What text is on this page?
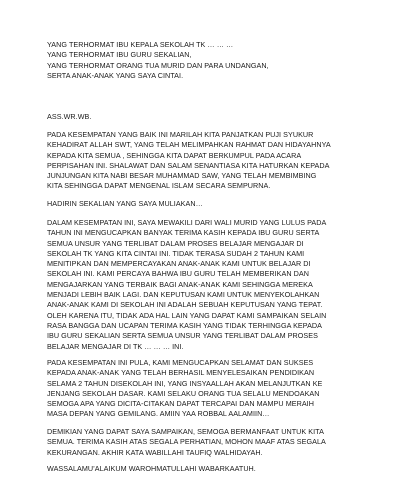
YANG TERHORMAT IBU KEPALA SEKOLAH TK … … …
YANG TERHORMAT IBU GURU SEKALIAN,
YANG TERHORMAT ORANG TUA MURID DAN PARA UNDANGAN,
SERTA ANAK-ANAK YANG SAYA CINTAI.
ASS.WR.WB.
PADA KESEMPATAN YANG BAIK INI MARILAH KITA PANJATKAN PUJI SYUKUR
KEHADIRAT ALLAH SWT, YANG TELAH MELIMPAHKAN RAHMAT DAN HIDAYAHNYA
KEPADA KITA SEMUA , SEHINGGA KITA DAPAT BERKUMPUL PADA ACARA
PERPISAHAN INI. SHALAWAT DAN SALAM SENANTIASA KITA HATURKAN KEPADA
JUNJUNGAN KITA NABI BESAR MUHAMMAD SAW, YANG TELAH MEMBIMBING
KITA SEHINGGA DAPAT MENGENAL ISLAM SECARA SEMPURNA.
HADIRIN SEKALIAN YANG SAYA MULIAKAN…
DALAM KESEMPATAN INI, SAYA MEWAKILI DARI WALI MURID YANG LULUS PADA
TAHUN INI MENGUCAPKAN BANYAK TERIMA KASIH KEPADA IBU GURU SERTA
SEMUA UNSUR YANG TERLIBAT DALAM PROSES BELAJAR MENGAJAR DI
SEKOLAH TK YANG KITA CINTAI INI. TIDAK TERASA SUDAH 2 TAHUN KAMI
MENITIPKAN DAN MEMPERCAYAKAN ANAK-ANAK KAMI UNTUK BELAJAR DI
SEKOLAH INI. KAMI PERCAYA BAHWA IBU GURU TELAH MEMBERIKAN DAN
MENGAJARKAN YANG TERBAIK BAGI ANAK-ANAK KAMI SEHINGGA MEREKA
MENJADI LEBIH BAIK LAGI. DAN KEPUTUSAN KAMI UNTUK MENYEKOLAHKAN
ANAK-ANAK KAMI DI SEKOLAH INI ADALAH SEBUAH KEPUTUSAN YANG TEPAT.
OLEH KARENA ITU, TIDAK ADA HAL LAIN YANG DAPAT KAMI SAMPAIKAN SELAIN
RASA BANGGA DAN UCAPAN TERIMA KASIH YANG TIDAK TERHINGGA KEPADA
IBU GURU SEKALIAN SERTA SEMUA UNSUR YANG TERLIBAT DALAM PROSES
BELAJAR MENGAJAR DI TK … … … INI.
PADA KESEMPATAN INI PULA, KAMI MENGUCAPKAN SELAMAT DAN SUKSES
KEPADA ANAK-ANAK YANG TELAH BERHASIL MENYELESAIKAN PENDIDIKAN
SELAMA 2 TAHUN DISEKOLAH INI, YANG INSYAALLAH AKAN MELANJUTKAN KE
JENJANG SEKOLAH DASAR. KAMI SELAKU ORANG TUA SELALU MENDOAKAN
SEMOGA APA YANG DICITA-CITAKAN DAPAT TERCAPAI DAN MAMPU MERAIH
MASA DEPAN YANG GEMILANG. AMIIN YAA ROBBAL AALAMIIN…
DEMIKIAN YANG DAPAT SAYA SAMPAIKAN, SEMOGA BERMANFAAT UNTUK KITA
SEMUA. TERIMA KASIH ATAS SEGALA PERHATIAN, MOHON MAAF ATAS SEGALA
KEKURANGAN. AKHIR KATA WABILLAHI TAUFIQ WALHIDAYAH.
WASSALAMU’ALAIKUM WAROHMATULLAHI WABARKAATUH.
